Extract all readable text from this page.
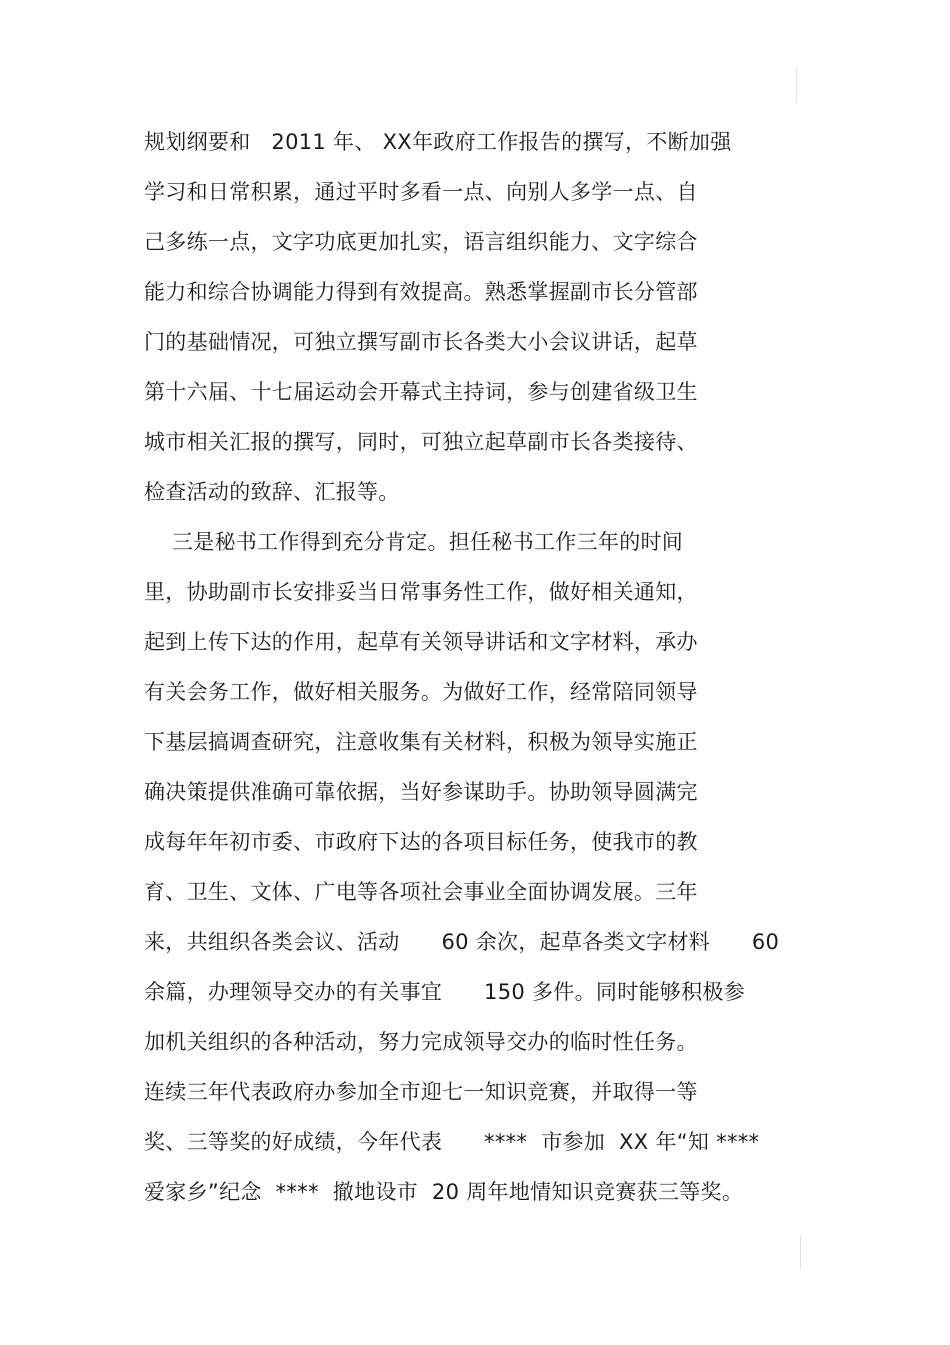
规划纲要和   2011 年、 XX年政府工作报告的撰写，不断加强
学习和日常积累，通过平时多看一点、向别人多学一点、自
己多练一点，文字功底更加扎实，语言组织能力、文字综合
能力和综合协调能力得到有效提高。熟悉掌握副市长分管部
门的基础情况，可独立撰写副市长各类大小会议讲话，起草
第十六届、十七届运动会开幕式主持词，参与创建省级卫生
城市相关汇报的撰写，同时，可独立起草副市长各类接待、
检查活动的致辞、汇报等。
三是秘书工作得到充分肯定。担任秘书工作三年的时间
里，协助副市长安排妥当日常事务性工作，做好相关通知，
起到上传下达的作用，起草有关领导讲话和文字材料，承办
有关会务工作，做好相关服务。为做好工作，经常陪同领导
下基层搞调查研究，注意收集有关材料，积极为领导实施正
确决策提供准确可靠依据，当好参谋助手。协助领导圆满完
成每年年初市委、市政府下达的各项目标任务，使我市的教
育、卫生、文体、广电等各项社会事业全面协调发展。三年
来，共组织各类会议、活动      60 余次，起草各类文字材料      60
余篇，办理领导交办的有关事宜      150 多件。同时能够积极参
加机关组织的各种活动，努力完成领导交办的临时性任务。
连续三年代表政府办参加全市迎七一知识竞赛，并取得一等
奖、三等奖的好成绩，今年代表      ****  市参加  XX 年“知 ****
爱家乡”纪念  ****  撤地设市  20 周年地情知识竞赛获三等奖。
